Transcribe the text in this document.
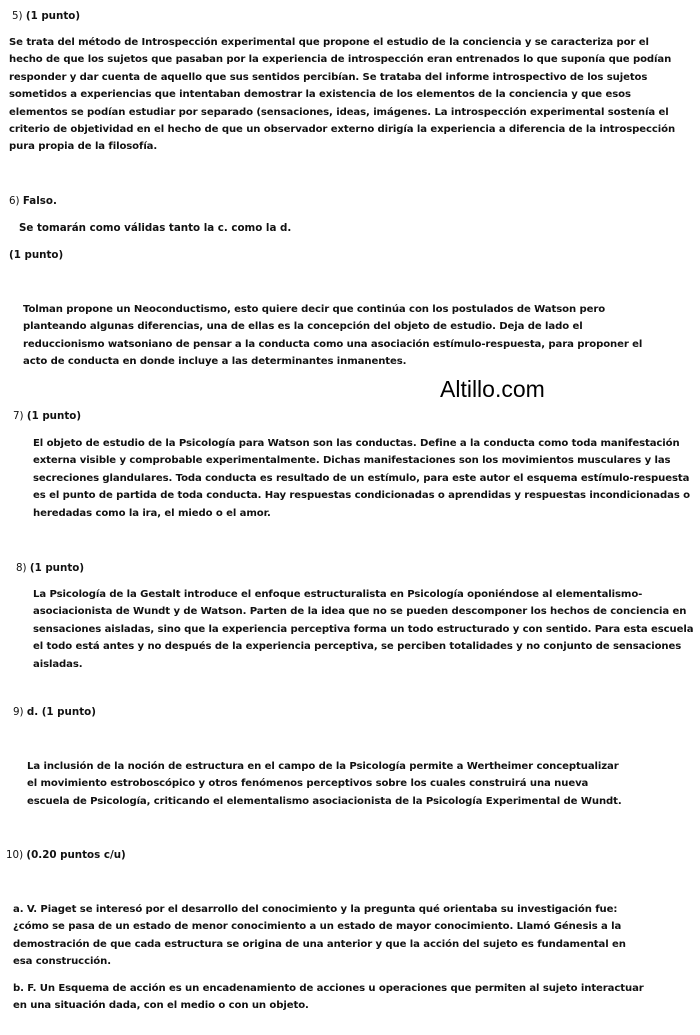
5) (1 punto)
Se trata del método de Introspección experimental que propone el estudio de la conciencia y se caracteriza por el
hecho de que los sujetos que pasaban por la experiencia de introspección eran entrenados lo que suponía que podían
responder y dar cuenta de aquello que sus sentidos percibían. Se trataba del informe introspectivo de los sujetos
sometidos a experiencias que intentaban demostrar la existencia de los elementos de la conciencia y que esos
elementos se podían estudiar por separado (sensaciones, ideas, imágenes. La introspección experimental sostenía el
criterio de objetividad en el hecho de que un observador externo dirigía la experiencia a diferencia de la introspección
pura propia de la filosofía.
6) Falso.
Se tomarán como válidas tanto la c. como la d.
(1 punto)
Tolman propone un Neoconductismo, esto quiere decir que continúa con los postulados de Watson pero
planteando algunas diferencias, una de ellas es la concepción del objeto de estudio. Deja de lado el
reduccionismo watsoniano de pensar a la conducta como una asociación estímulo-respuesta, para proponer el
acto de conducta en donde incluye a las determinantes inmanentes.
Altillo.com
7) (1 punto)
El objeto de estudio de la Psicología para Watson son las conductas. Define a la conducta como toda manifestación
externa visible y comprobable experimentalmente. Dichas manifestaciones son los movimientos musculares y las
secreciones glandulares. Toda conducta es resultado de un estímulo, para este autor el esquema estímulo-respuesta
es el punto de partida de toda conducta. Hay respuestas condicionadas o aprendidas y respuestas incondicionadas o
heredadas como la ira, el miedo o el amor.
8) (1 punto)
La Psicología de la Gestalt introduce el enfoque estructuralista en Psicología oponiéndose al elementalismo-
asociacionista de Wundt y de Watson. Parten de la idea que no se pueden descomponer los hechos de conciencia en
sensaciones aisladas, sino que la experiencia perceptiva forma un todo estructurado y con sentido. Para esta escuela
el todo está antes y no después de la experiencia perceptiva, se perciben totalidades y no conjunto de sensaciones
aisladas.
9) d. (1 punto)
La inclusión de la noción de estructura en el campo de la Psicología permite a Wertheimer conceptualizar
el movimiento estroboscópico y otros fenómenos perceptivos sobre los cuales construirá una nueva
escuela de Psicología, criticando el elementalismo asociacionista de la Psicología Experimental de Wundt.
10) (0.20 puntos c/u)
a. V. Piaget se interesó por el desarrollo del conocimiento y la pregunta qué orientaba su investigación fue:
¿cómo se pasa de un estado de menor conocimiento a un estado de mayor conocimiento. Llamó Génesis a la
demostración de que cada estructura se origina de una anterior y que la acción del sujeto es fundamental en
esa construcción.
b. F. Un Esquema de acción es un encadenamiento de acciones u operaciones que permiten al sujeto interactuar
en una situación dada, con el medio o con un objeto.
